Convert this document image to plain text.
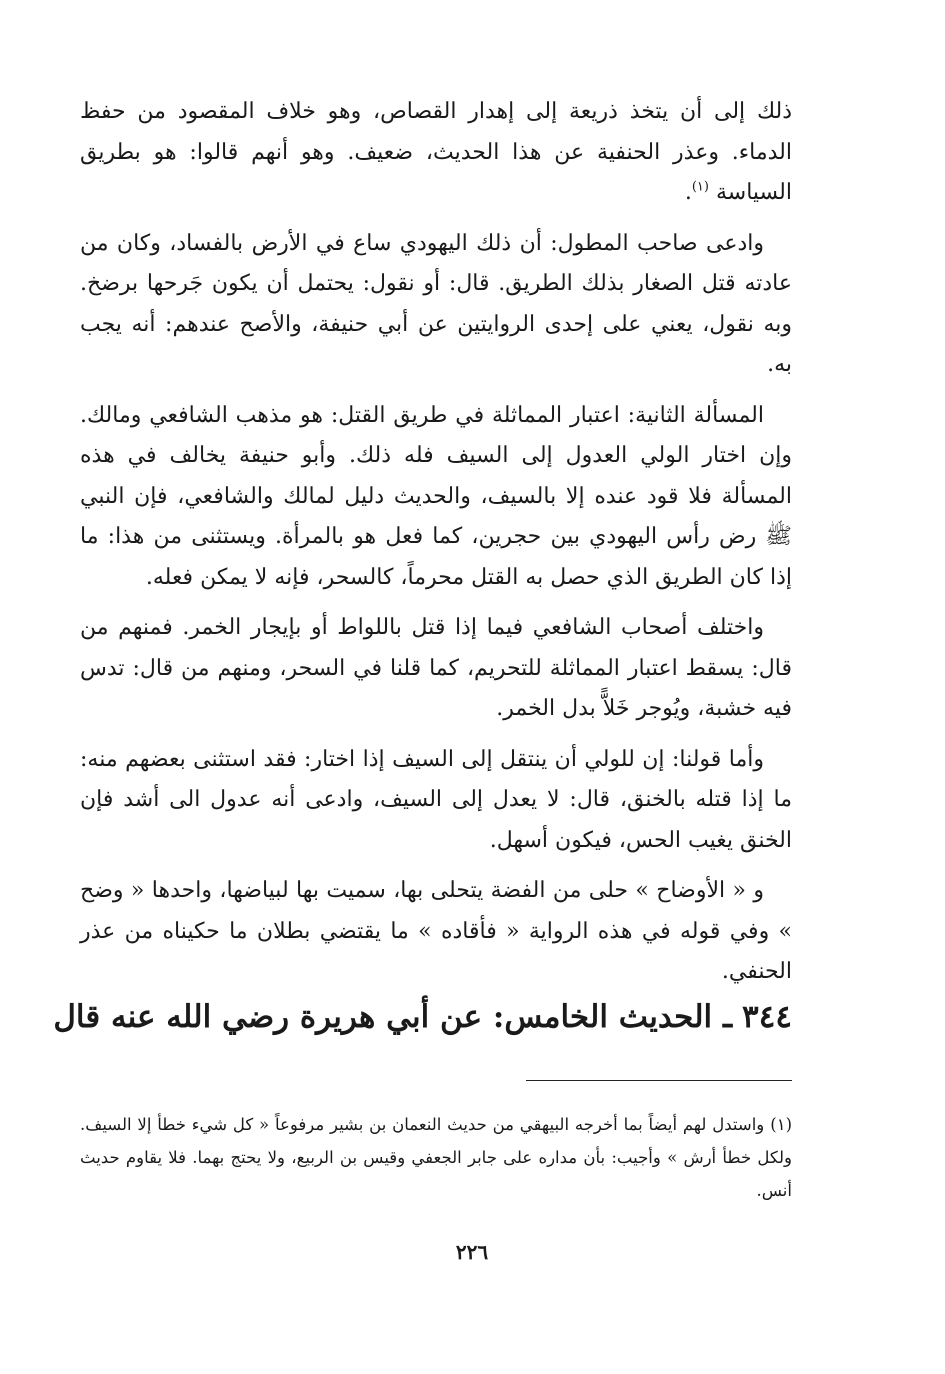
ذلك إلى أن يتخذ ذريعة إلى إهدار القصاص، وهو خلاف المقصود من حفظ الدماء. وعذر الحنفية عن هذا الحديث، ضعيف. وهو أنهم قالوا: هو بطريق السياسة $^{(١)}$.

وادعى صاحب المطول: أن ذلك اليهودي ساع في الأرض بالفساد، وكان من عادته قتل الصغار بذلك الطريق. قال: أو نقول: يحتمل أن يكون جَرحها برضخ. وبه نقول، يعني على إحدى الروايتين عن أبي حنيفة، والأصح عندهم: أنه يجب به.

المسألة الثانية: اعتبار المماثلة في طريق القتل: هو مذهب الشافعي ومالك. وإن اختار الولي العدول إلى السيف فله ذلك. وأبو حنيفة يخالف في هذه المسألة فلا قود عنده إلا بالسيف، والحديث دليل لمالك والشافعي، فإن النبي ﷺ رض رأس اليهودي بين حجرين، كما فعل هو بالمرأة. ويستثنى من هذا: ما إذا كان الطريق الذي حصل به القتل محرماً، كالسحر، فإنه لا يمكن فعله.

واختلف أصحاب الشافعي فيما إذا قتل باللواط أو بإيجار الخمر. فمنهم من قال: يسقط اعتبار المماثلة للتحريم، كما قلنا في السحر، ومنهم من قال: تدس فيه خشبة، ويُوجر خَلاًّ بدل الخمر.

وأما قولنا: إن للولي أن ينتقل إلى السيف إذا اختار: فقد استثنى بعضهم منه: ما إذا قتله بالخنق، قال: لا يعدل إلى السيف، وادعى أنه عدول الى أشد فإن الخنق يغيب الحس، فيكون أسهل.

و « الأوضاح » حلى من الفضة يتحلى بها، سميت بها لبياضها، واحدها « وضح » وفي قوله في هذه الرواية « فأقاده » ما يقتضي بطلان ما حكيناه من عذر الحنفي.

٣٤٤ـ الحديث الخامس: عن أبي هريرة رضي الله عنه قال

(١)واستدل لهم أيضاً بما أخرجه البيهقي من حديث النعمان بن بشير مرفوعاً « كل شيء خطأ إلا السيف. ولكل خطأ أرش » وأجيب: بأن مداره على جابر الجعفي وقيس بن الربيع، ولا يحتج بهما. فلا يقاوم حديث أنس.

٢٢٦
